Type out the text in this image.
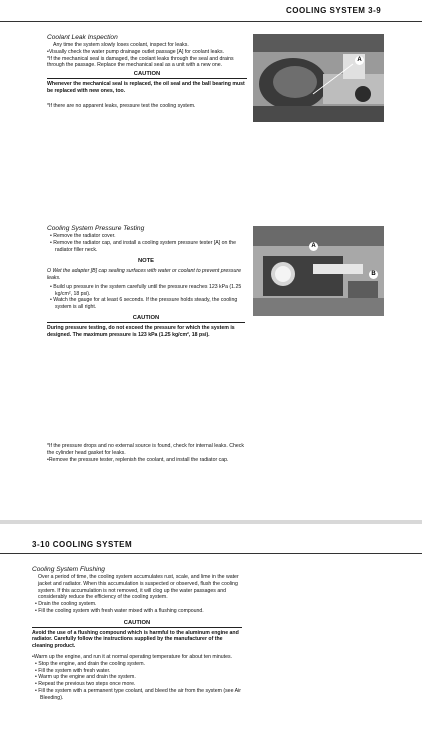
COOLING SYSTEM 3-9
Coolant Leak Inspection
Any time the system slowly loses coolant, inspect for leaks.
•Visually check the water pump drainage outlet passage [A] for coolant leaks.
*If the mechanical seal is damaged, the coolant leaks through the seal and drains through the passage. Replace the mechanical seal as a unit with a new one.
CAUTION
Whenever the mechanical seal is replaced, the oil seal and the ball bearing must be replaced with new ones, too.
*If there are no apparent leaks, pressure test the cooling system.
A
Cooling System Pressure Testing
• Remove the radiator cover.
• Remove the radiator cap, and install a cooling system pressure tester [A] on the radiator filler neck.
NOTE
O Wet the adapter [B] cap sealing surfaces with water or coolant to prevent pressure leaks.
• Build up pressure in the system carefully until the pressure reaches 123 kPa (1.25 kg/cm², 18 psi).
• Watch the gauge for at least 6 seconds. If the pressure holds steady, the cooling system is all right.
CAUTION
During pressure testing, do not exceed the pressure for which the system is designed. The maximum pressure is 123 kPa (1.25 kg/cm², 18 psi).
*If the pressure drops and no external source is found, check for internal leaks. Check the cylinder head gasket for leaks.
•Remove the pressure tester, replenish the coolant, and install the radiator cap.
A
B
3-10 COOLING SYSTEM
Cooling System Flushing
Over a period of time, the cooling system accumulates rust, scale, and lime in the water jacket and radiator. When this accumulation is suspected or observed, flush the cooling system. If this accumulation is not removed, it will clog up the water passages and considerably reduce the efficiency of the cooling system.
• Drain the cooling system.
• Fill the cooling system with fresh water mixed with a flushing compound.
CAUTION
Avoid the use of a flushing compound which is harmful to the aluminum engine and radiator. Carefully follow the instructions supplied by the manufacturer of the cleaning product.
•Warm up the engine, and run it at normal operating temperature for about ten minutes.
• Stop the engine, and drain the cooling system.
• Fill the system with fresh water.
• Warm up the engine and drain the system.
• Repeat the previous two steps once more.
• Fill the system with a permanent type coolant, and bleed the air from the system (see Air Bleeding).
